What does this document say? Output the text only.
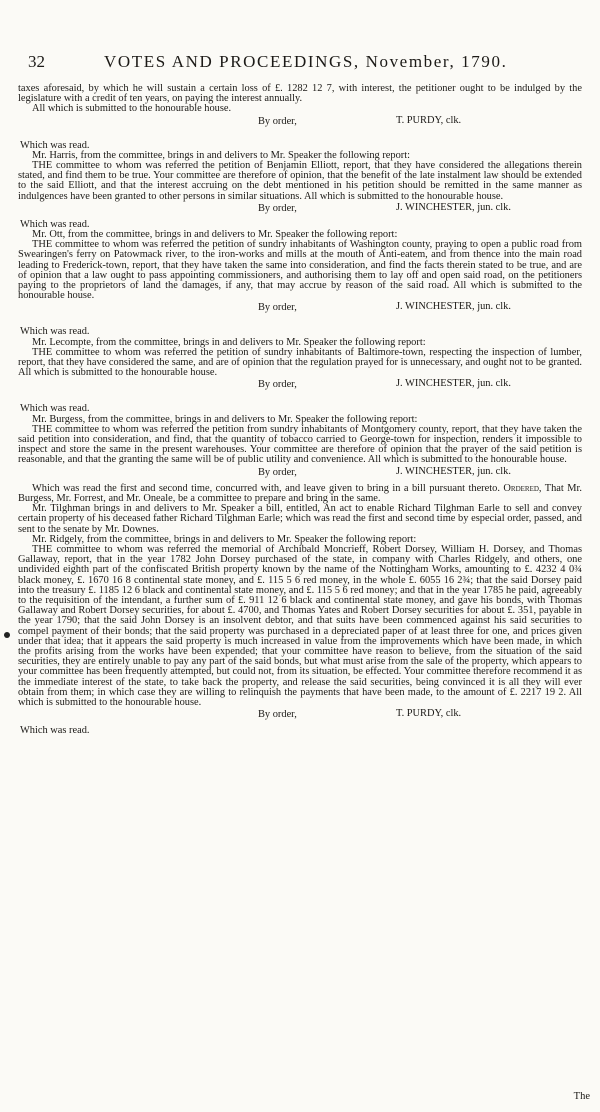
32	VOTES AND PROCEEDINGS, November, 1790.

taxes aforesaid, by which he will sustain a certain loss of £. 1282 12 7, with interest, the petitioner ought to be indulged by the legislature with a credit of ten years, on paying the interest annually.

All which is submitted to the honourable house.

By order,	T. PURDY, clk.

Which was read.

Mr. Harris, from the committee, brings in and delivers to Mr. Speaker the following report:

THE committee to whom was referred the petition of Benjamin Elliott, report, that they have considered the allegations therein stated, and find them to be true. Your committee are therefore of opinion, that the benefit of the late instalment law should be extended to the said Elliott, and that the interest accruing on the debt mentioned in his petition should be remitted in the same manner as indulgences have been granted to other persons in similar situations. All which is submitted to the honourable house.

By order,	J. WINCHESTER, jun. clk.

Which was read.

Mr. Ott, from the committee, brings in and delivers to Mr. Speaker the following report:

THE committee to whom was referred the petition of sundry inhabitants of Washington county, praying to open a public road from Swearingen's ferry on Patowmack river, to the iron-works and mills at the mouth of Anti-eatem, and from thence into the main road leading to Frederick-town, report, that they have taken the same into consideration, and find the facts therein stated to be true, and are of opinion that a law ought to pass appointing commissioners, and authorising them to lay off and open said road, on the petitioners paying to the proprietors of land the damages, if any, that may accrue by reason of the said road. All which is submitted to the honourable house.

By order,	J. WINCHESTER, jun. clk.

Which was read.

Mr. Lecompte, from the committee, brings in and delivers to Mr. Speaker the following report:

THE committee to whom was referred the petition of sundry inhabitants of Baltimore-town, respecting the inspection of lumber, report, that they have considered the same, and are of opinion that the regulation prayed for is unnecessary, and ought not to be granted. All which is submitted to the honourable house.

By order,	J. WINCHESTER, jun. clk.

Which was read.

Mr. Burgess, from the committee, brings in and delivers to Mr. Speaker the following report:

THE committee to whom was referred the petition from sundry inhabitants of Montgomery county, report, that they have taken the said petition into consideration, and find, that the quantity of tobacco carried to George-town for inspection, renders it impossible to inspect and store the same in the present warehouses. Your committee are therefore of opinion that the prayer of the said petition is reasonable, and that the granting the same will be of public utility and convenience. All which is submitted to the honourable house.

By order,	J. WINCHESTER, jun. clk.

Which was read the first and second time, concurred with, and leave given to bring in a bill pursuant thereto. Ordered, That Mr. Burgess, Mr. Forrest, and Mr. Oneale, be a committee to prepare and bring in the same.

Mr. Tilghman brings in and delivers to Mr. Speaker a bill, entitled, An act to enable Richard Tilghman Earle to sell and convey certain property of his deceased father Richard Tilghman Earle; which was read the first and second time by especial order, passed, and sent to the senate by Mr. Downes.

Mr. Ridgely, from the committee, brings in and delivers to Mr. Speaker the following report:

THE committee to whom was referred the memorial of Archibald Moncrieff, Robert Dorsey, William H. Dorsey, and Thomas Gallaway, report, that in the year 1782 John Dorsey purchased of the state, in company with Charles Ridgely, and others, one undivided eighth part of the confiscated British property known by the name of the Nottingham Works, amounting to £. 4232 4 0¾ black money, £. 1670 16 8 continental state money, and £. 115 5 6 red money, in the whole £. 6055 16 2¾; that the said Dorsey paid into the treasury £. 1185 12 6 black and continental state money, and £. 115 5 6 red money; and that in the year 1785 he paid, agreeably to the requisition of the intendant, a further sum of £. 911 12 6 black and continental state money, and gave his bonds, with Thomas Gallaway and Robert Dorsey securities, for about £. 4700, and Thomas Yates and Robert Dorsey securities for about £. 351, payable in the year 1790; that the said John Dorsey is an insolvent debtor, and that suits have been commenced against his said securities to compel payment of their bonds; that the said property was purchased in a depreciated paper of at least three for one, and prices given under that idea; that it appears the said property is much increased in value from the improvements which have been made, in which the profits arising from the works have been expended; that your committee have reason to believe, from the situation of the said securities, they are entirely unable to pay any part of the said bonds, but what must arise from the sale of the property, which appears to your committee has been frequently attempted, but could not, from its situation, be effected. Your committee therefore recommend it as the immediate interest of the state, to take back the property, and release the said securities, being convinced it is all they will ever obtain from them; in which case they are willing to relinquish the payments that have been made, to the amount of £. 2217 19 2. All which is submitted to the honourable house.

By order,	T. PURDY, clk.

Which was read.

The
